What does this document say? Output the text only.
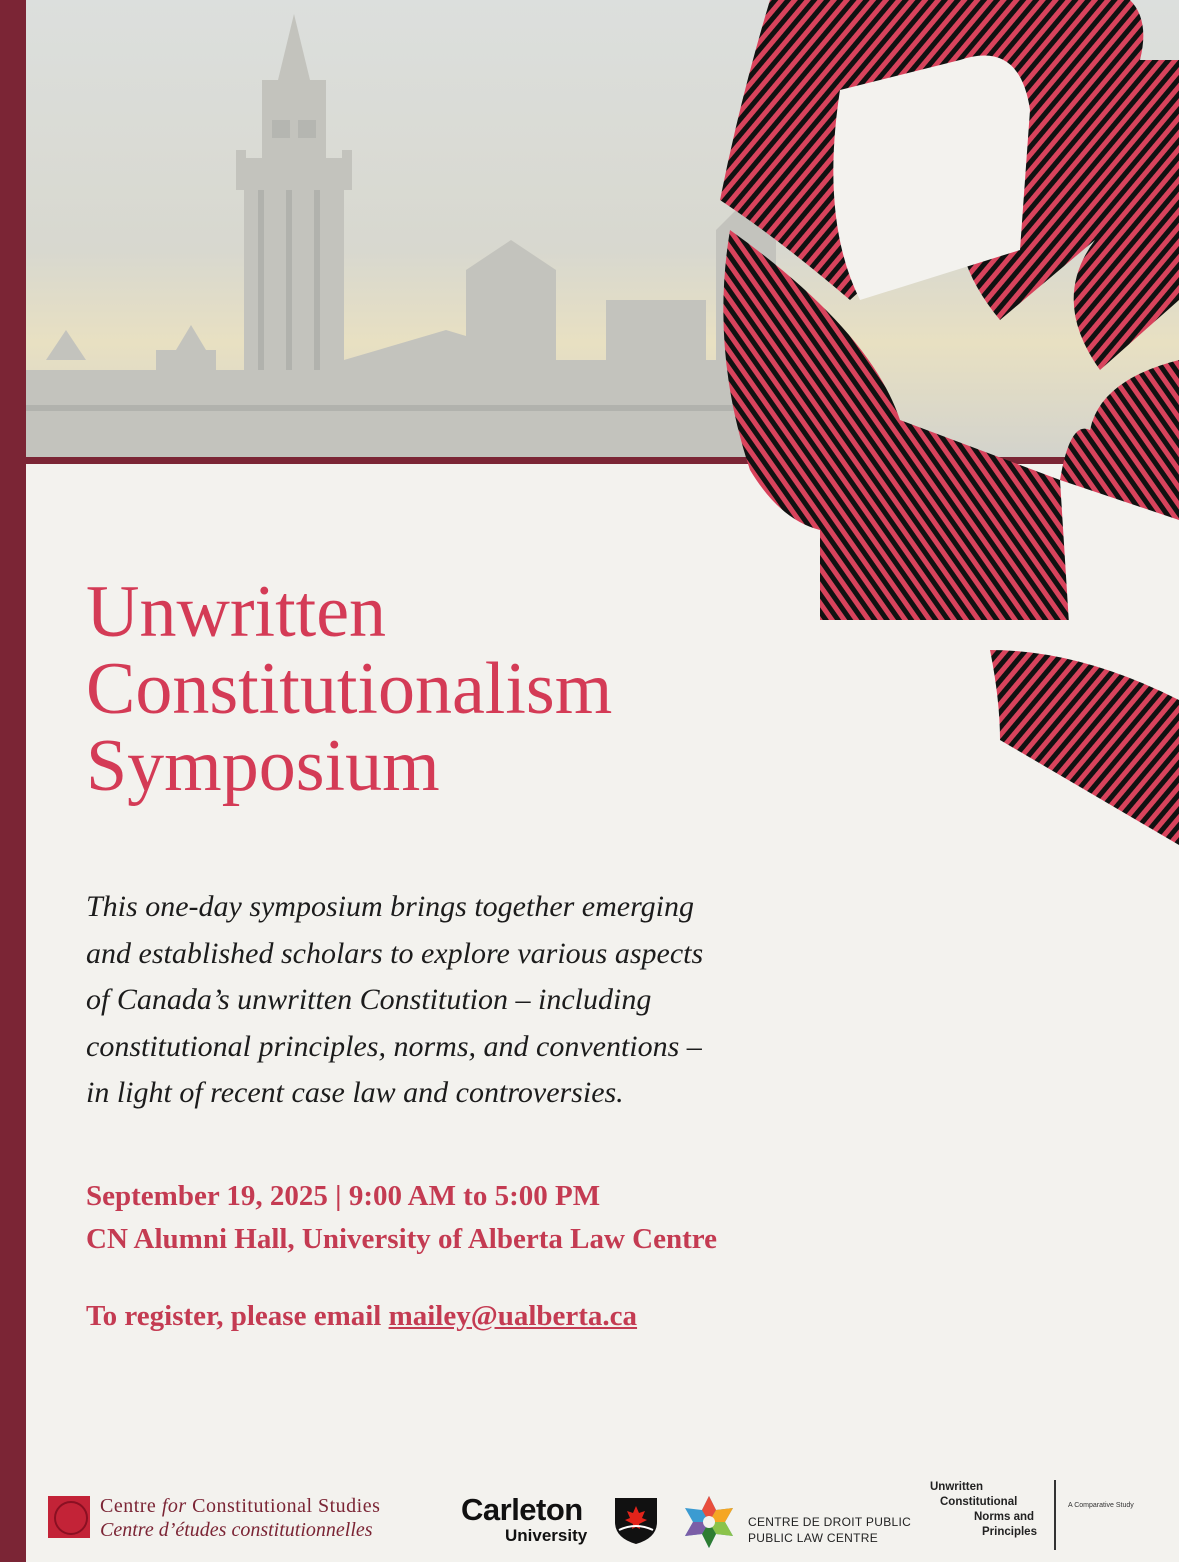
Unwritten
Constitutionalism
Symposium

This one-day symposium brings together emerging
and established scholars to explore various aspects
of Canada’s unwritten Constitution – including
constitutional principles, norms, and conventions –
in light of recent case law and controversies.

September 19, 2025 | 9:00 AM to 5:00 PM
CN Alumni Hall, University of Alberta Law Centre
To register, please email mailey@ualberta.ca
Centre for Constitutional Studies
Centre d’études constitutionnelles
Carleton
University
CENTRE DE DROIT PUBLIC
PUBLIC LAW CENTRE
Unwritten
Constitutional
Norms and
Principles
A Comparative Study
